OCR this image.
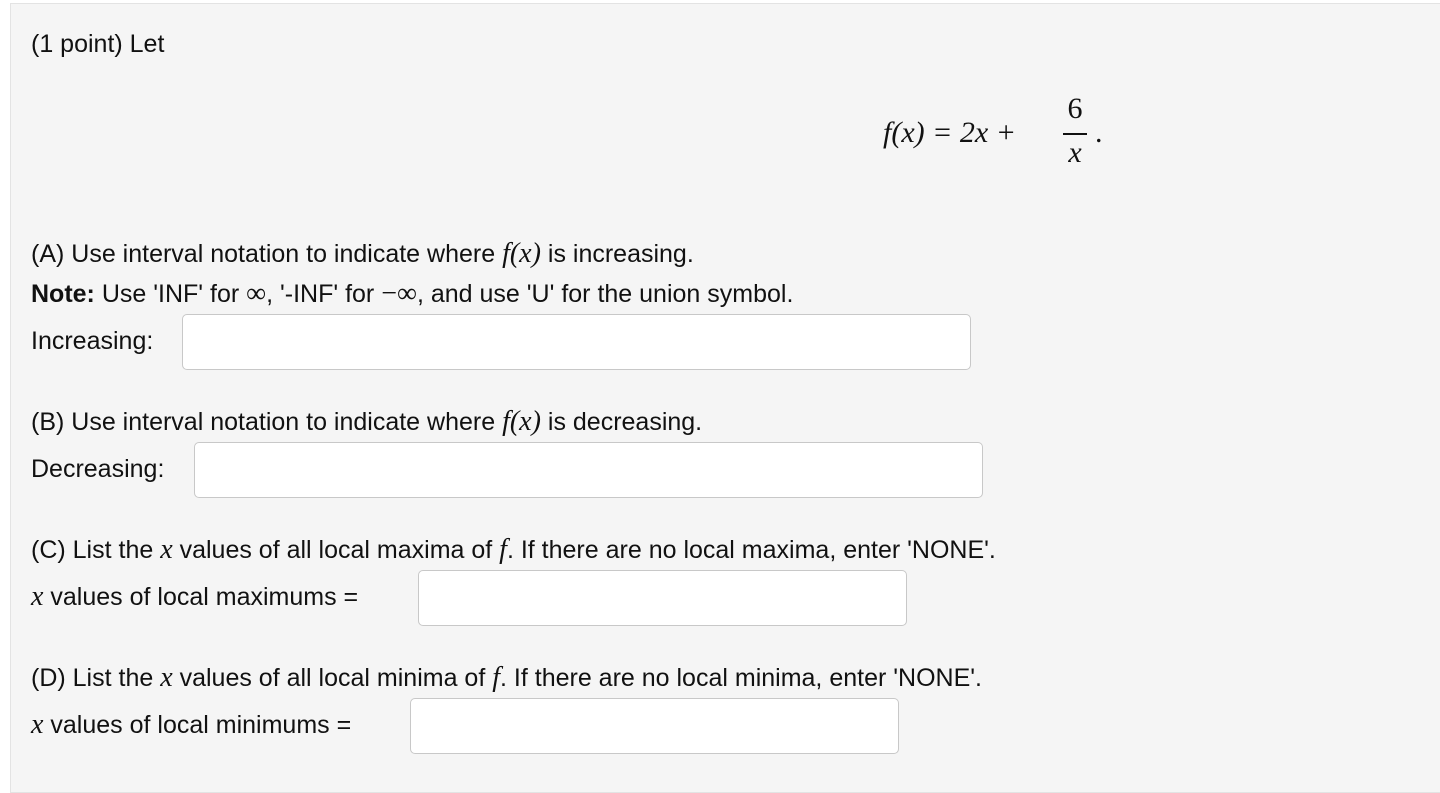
(1 point) Let
f(x) = 2x +
6
x
.
(A) Use interval notation to indicate where f(x) is increasing.
Note: Use 'INF' for ∞, '-INF' for −∞, and use 'U' for the union symbol.
Increasing:
(B) Use interval notation to indicate where f(x) is decreasing.
Decreasing:
(C) List the x values of all local maxima of f. If there are no local maxima, enter 'NONE'.
x values of local maximums =
(D) List the x values of all local minima of f. If there are no local minima, enter 'NONE'.
x values of local minimums =
